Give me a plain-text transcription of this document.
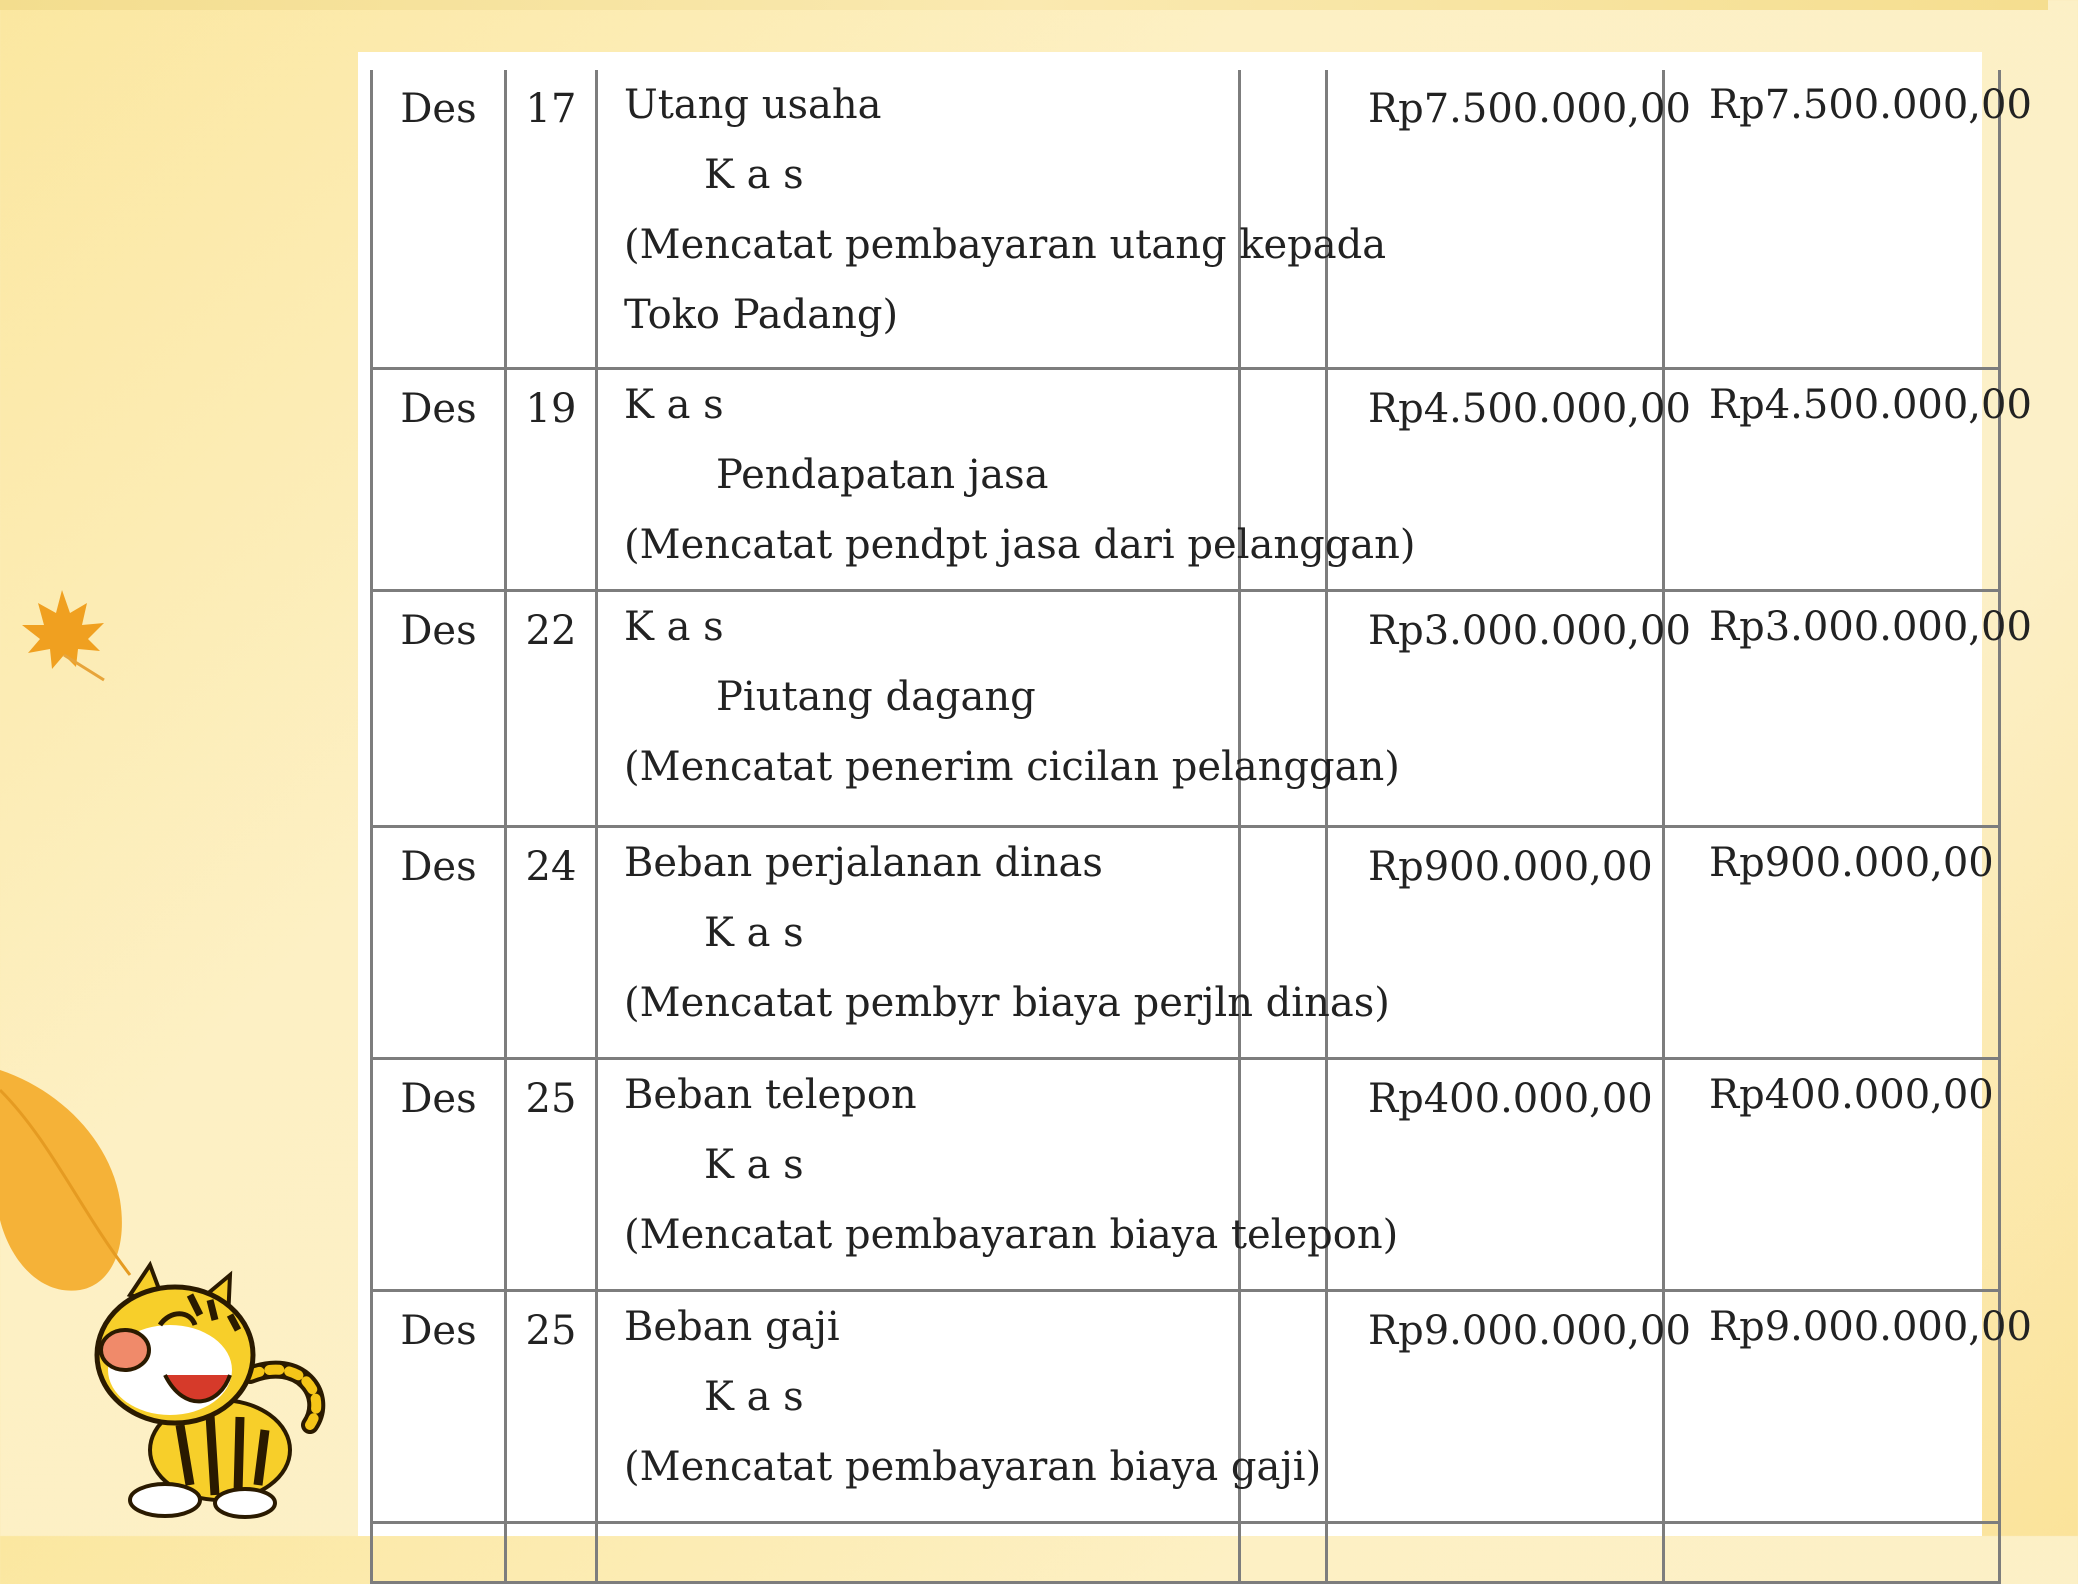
Des	17	Utang usaha
K a s
(Mencatat pembayaran utang kepada
Toko Padang)		Rp 7.500.000,00	Rp 7.500.000,00

Des	19	K a s
Pendapatan jasa
(Mencatat pendpt jasa dari pelanggan)		Rp 4.500.000,00	Rp 4.500.000,00

Des	22	K a s
Piutang dagang
(Mencatat penerim cicilan pelanggan)		Rp 3.000.000,00	Rp 3.000.000,00

Des	24	Beban perjalanan dinas
K a s
(Mencatat pembyr biaya perjln dinas)		Rp 900.000,00	Rp 900.000,00

Des	25	Beban telepon
K a s
(Mencatat pembayaran biaya telepon)		Rp 400.000,00	Rp 400.000,00

Des	25	Beban gaji
K a s
(Mencatat pembayaran biaya gaji)		Rp 9.000.000,00	Rp 9.000.000,00
